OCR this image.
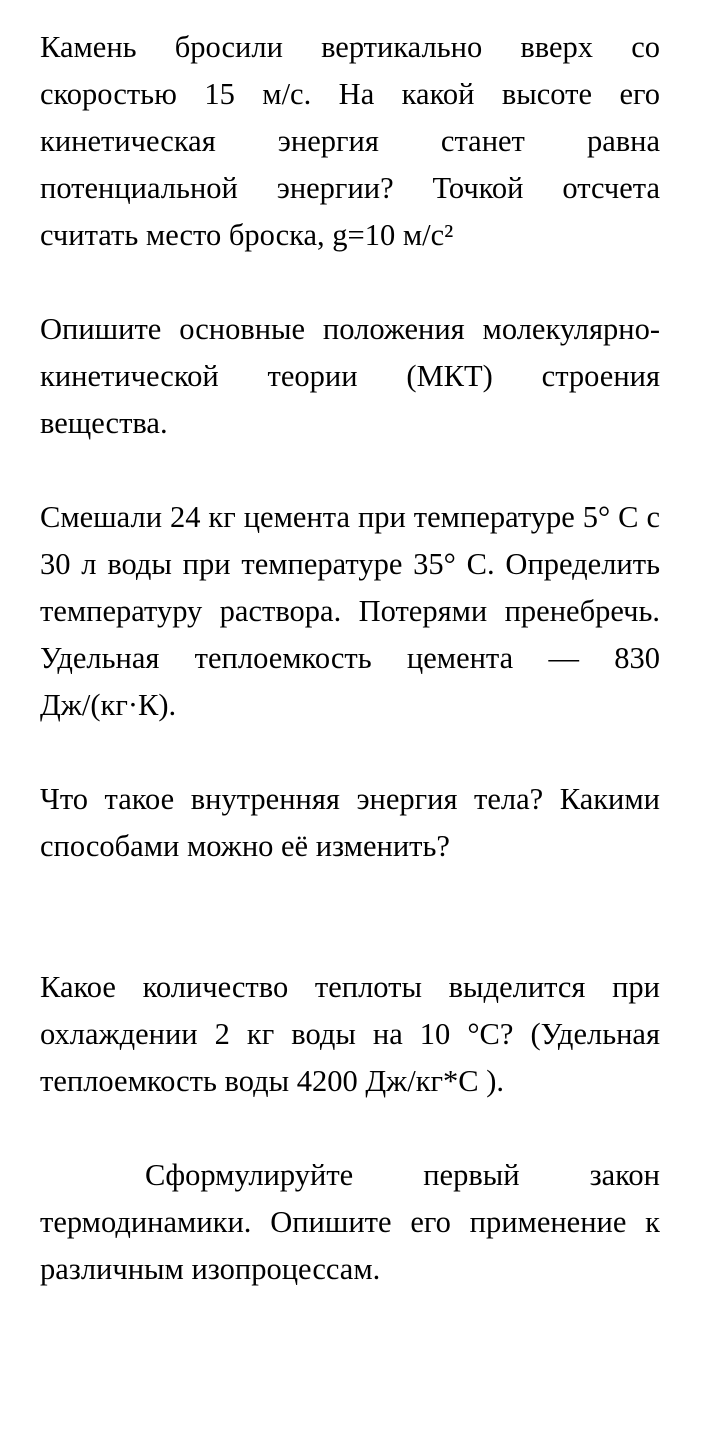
Камень бросили вертикально вверх со скоростью 15 м/с. На какой высоте его кинетическая энергия станет равна потенциальной энергии? Точкой отсчета считать место броска, g=10 м/с²

Опишите основные положения молекулярно-кинетической теории (МКТ) строения вещества.

Смешали 24 кг цемента при температуре 5° С с 30 л воды при температуре 35° С. Определить температуру раствора. Потерями пренебречь. Удельная теплоемкость цемента — 830 Дж/(кг·К).

Что такое внутренняя энергия тела? Какими способами можно её изменить?

Какое количество теплоты выделится при охлаждении 2 кг воды на 10 °С? (Удельная теплоемкость воды 4200 Дж/кг*С ).

Сформулируйте первый закон термодинамики. Опишите его применение к различным изопроцессам.
